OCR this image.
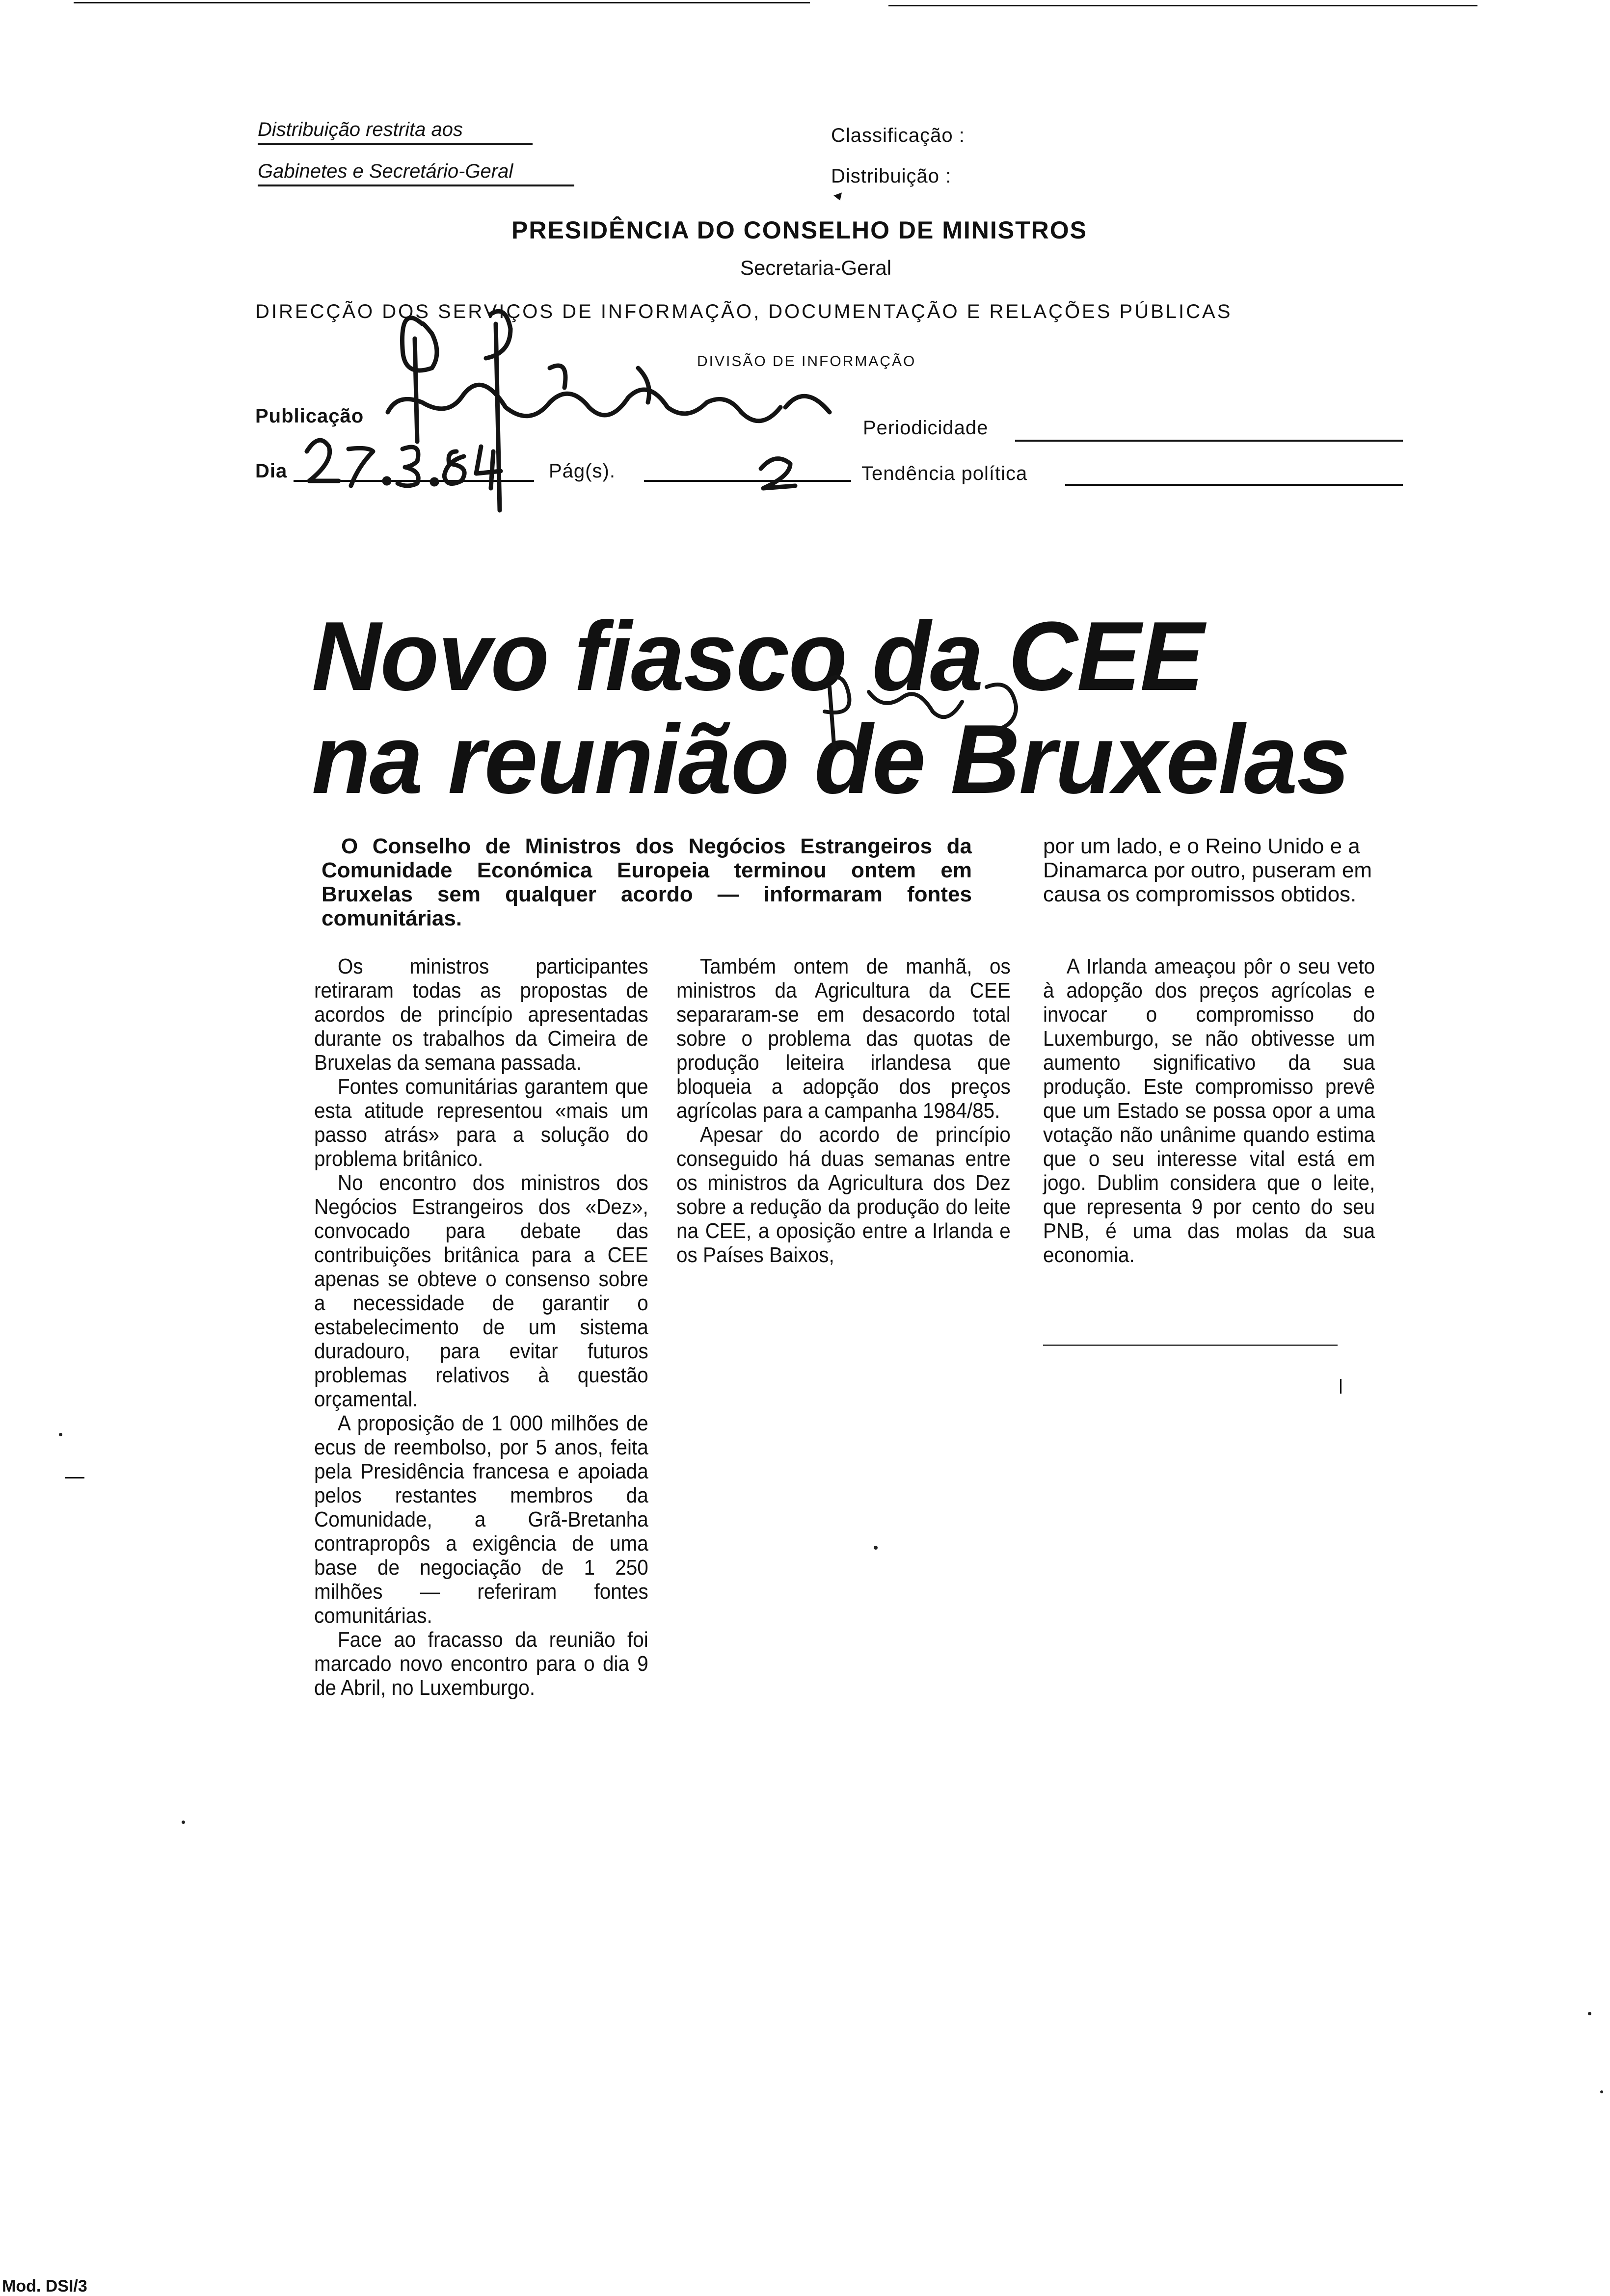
Distribuição restrita aos
Gabinetes e Secretário-Geral
Classificação :
Distribuição :
PRESIDÊNCIA DO CONSELHO DE MINISTROS
Secretaria-Geral
DIRECÇÃO DOS SERVIÇOS DE INFORMAÇÃO, DOCUMENTAÇÃO E RELAÇÕES PÚBLICAS
DIVISÃO DE INFORMAÇÃO
Publicação
Dia	Pág(s).
Periodicidade
Tendência política
Novo fiasco da CEE
na reunião de Bruxelas
O Conselho de Ministros dos Negócios Estrangeiros da Comunidade Económica Europeia terminou ontem em Bruxelas sem qualquer acordo — informaram fontes comunitárias.
por um lado, e o Reino Unido e a Dinamarca por outro, puseram em causa os compromissos obtidos.

Os ministros participantes retiraram todas as propostas de acordos de princípio apresentadas durante os trabalhos da Cimeira de Bruxelas da semana passada.

Fontes comunitárias garantem que esta atitude representou «mais um passo atrás» para a solução do problema britânico.

No encontro dos ministros dos Negócios Estrangeiros dos «Dez», convocado para debate das contribuições britânica para a CEE apenas se obteve o consenso sobre a necessidade de garantir o estabelecimento de um sistema duradouro, para evitar futuros problemas relativos à questão orçamental.

A proposição de 1 000 milhões de ecus de reembolso, por 5 anos, feita pela Presidência francesa e apoiada pelos restantes membros da Comunidade, a Grã-Bretanha contrapropôs a exigência de uma base de negociação de 1 250 milhões — referiram fontes comunitárias.

Face ao fracasso da reunião foi marcado novo encontro para o dia 9 de Abril, no Luxemburgo.

Também ontem de manhã, os ministros da Agricultura da CEE separaram-se em desacordo total sobre o problema das quotas de produção leiteira irlandesa que bloqueia a adopção dos preços agrícolas para a campanha 1984/85.

Apesar do acordo de princípio conseguido há duas semanas entre os ministros da Agricultura dos Dez sobre a redução da produção do leite na CEE, a oposição entre a Irlanda e os Países Baixos,

A Irlanda ameaçou pôr o seu veto à adopção dos preços agrícolas e invocar o compromisso do Luxemburgo, se não obtivesse um aumento significativo da sua produção. Este compromisso prevê que um Estado se possa opor a uma votação não unânime quando estima que o seu interesse vital está em jogo. Dublim considera que o leite, que representa 9 por cento do seu PNB, é uma das molas da sua economia.

Mod. DSI/3
